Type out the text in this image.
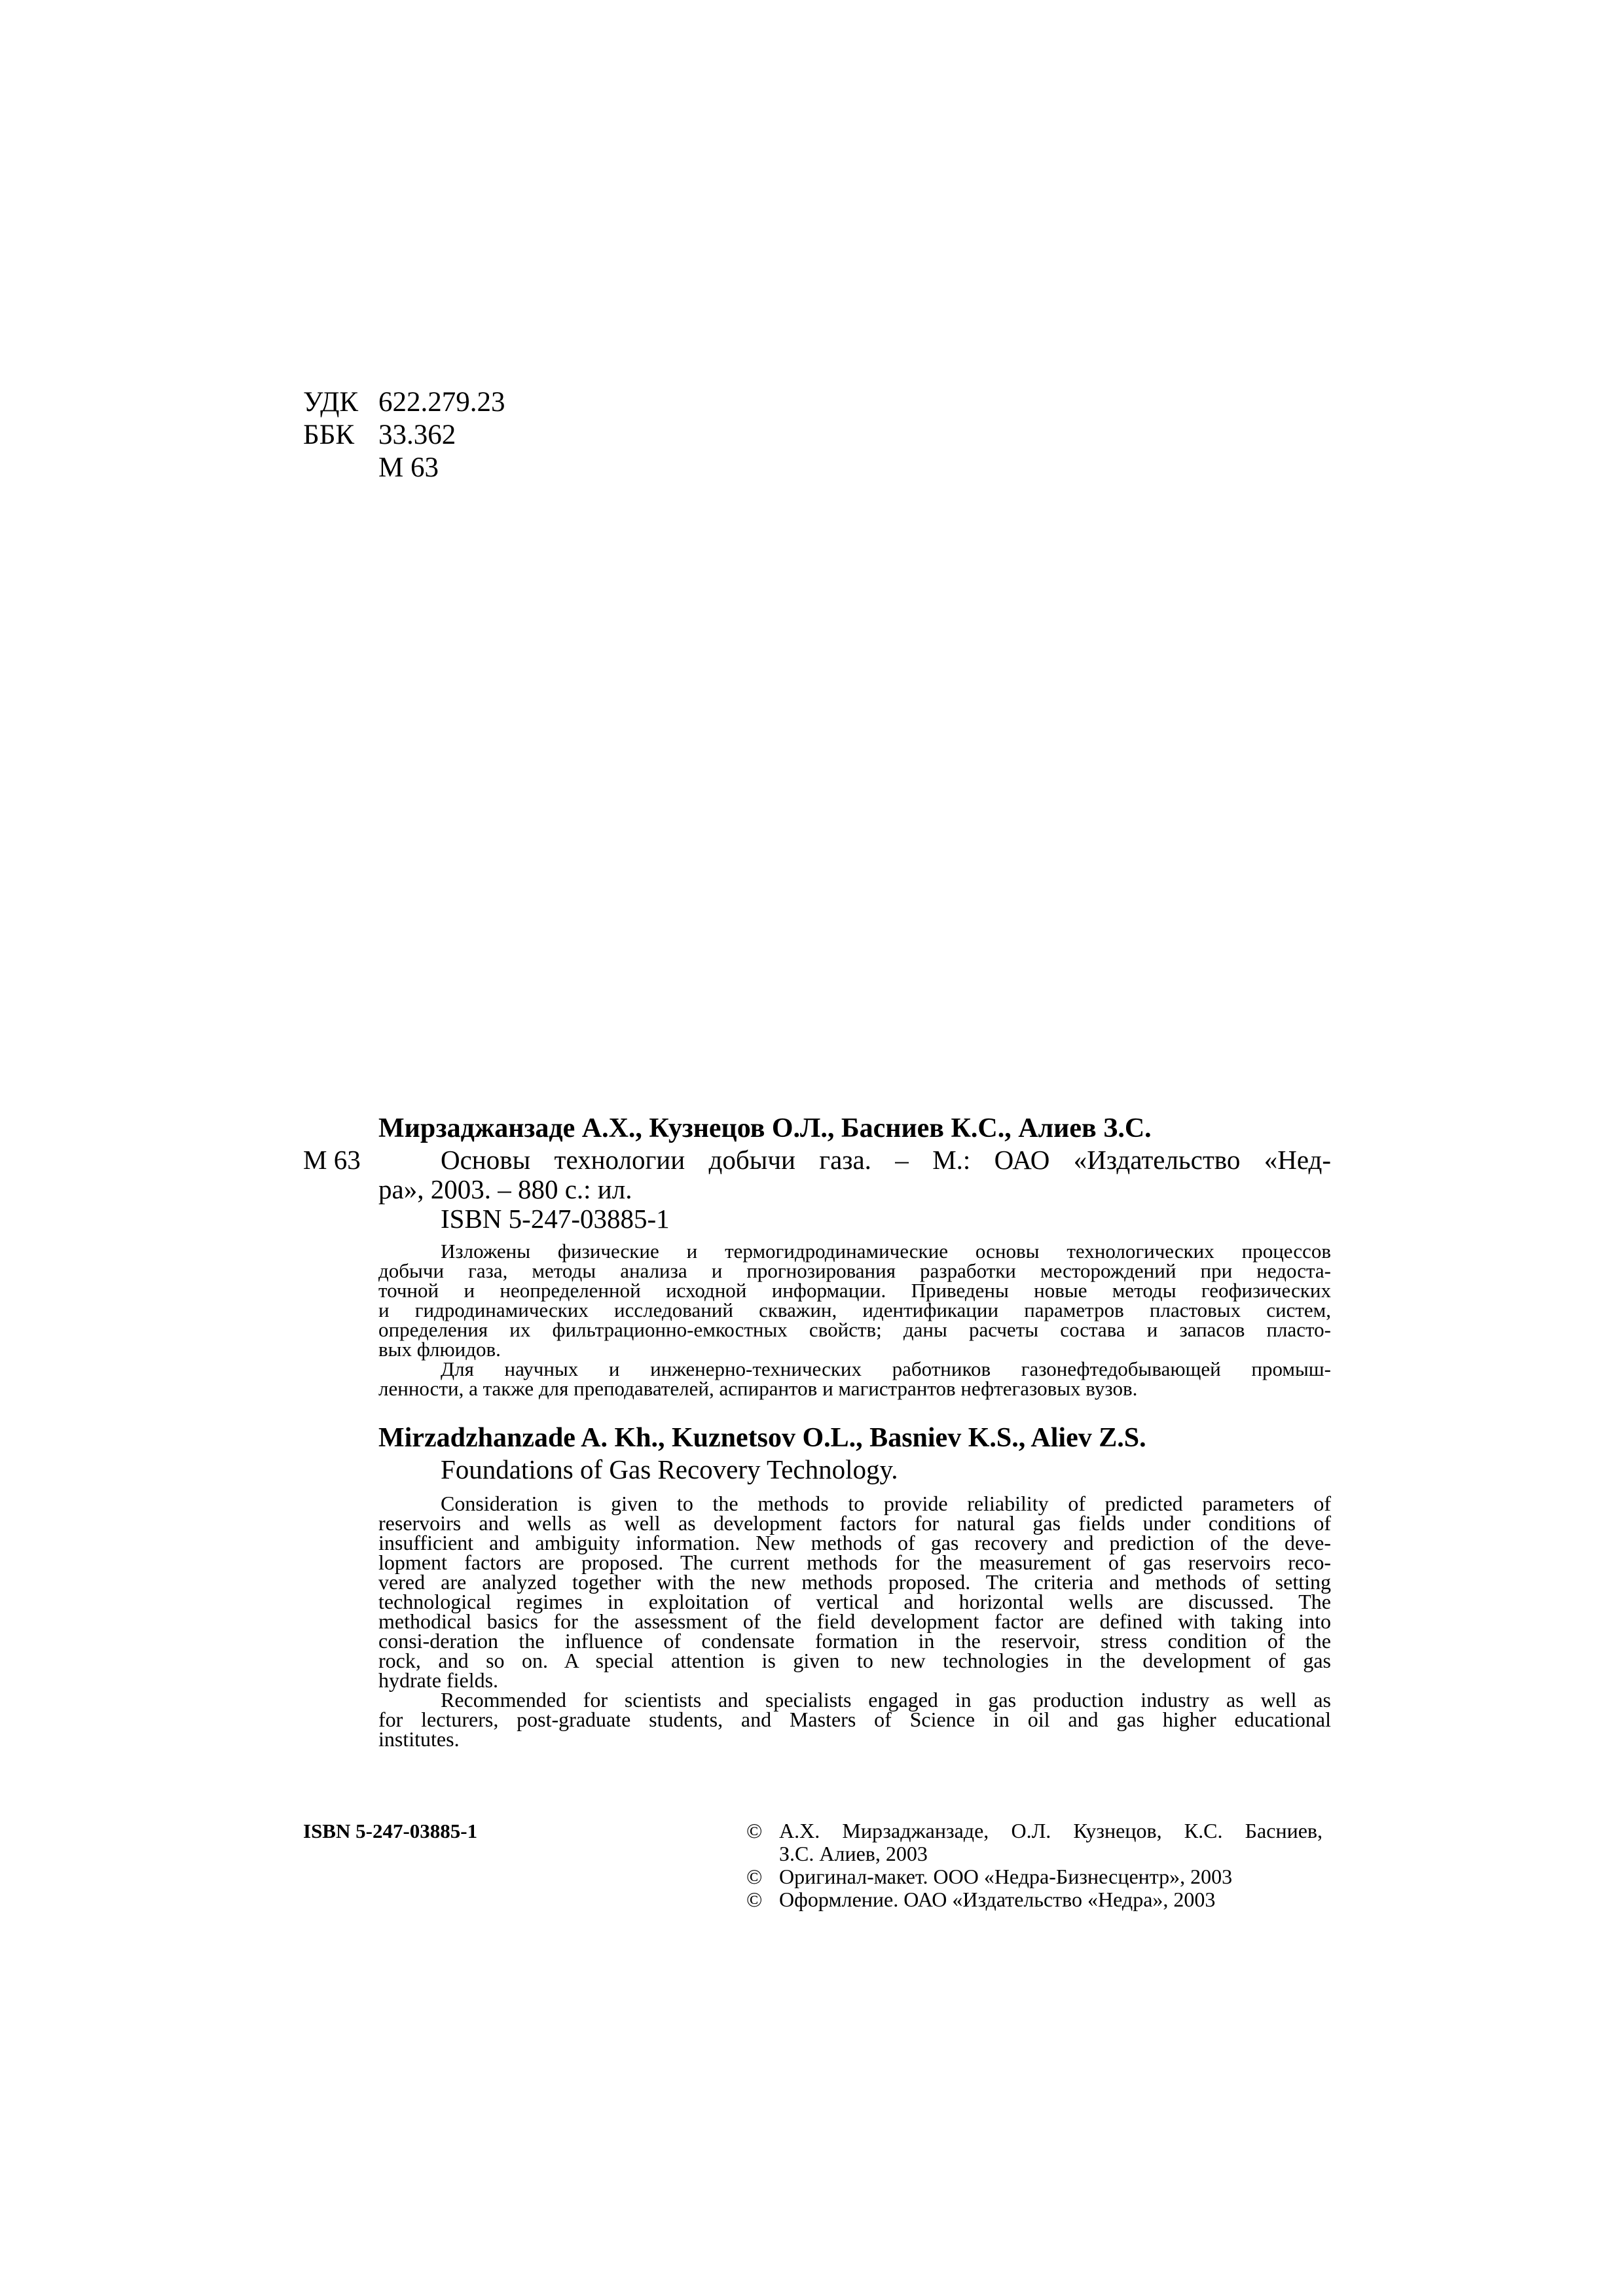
УДК 622.279.23
ББК 33.362
М 63
Мирзаджанзаде А.Х., Кузнецов О.Л., Басниев К.С., Алиев З.С.
М 63	Основы технологии добычи газа. – М.: ОАО «Издательство «Нед-
ра», 2003. – 880 с.: ил.
ISBN 5-247-03885-1
Изложены физические и термогидродинамические основы технологических процессов
добычи газа, методы анализа и прогнозирования разработки месторождений при недоста-
точной и неопределенной исходной информации. Приведены новые методы геофизических
и гидродинамических исследований скважин, идентификации параметров пластовых систем,
определения их фильтрационно-емкостных свойств; даны расчеты состава и запасов пласто-
вых флюидов.
Для научных и инженерно-технических работников газонефтедобывающей промыш-
ленности, а также для преподавателей, аспирантов и магистрантов нефтегазовых вузов.
Mirzadzhanzade A. Kh., Kuznetsov O.L., Basniev K.S., Aliev Z.S.
Foundations of Gas Recovery Technology.
Consideration is given to the methods to provide reliability of predicted parameters of
reservoirs and wells as well as development factors for natural gas fields under conditions of
insufficient and ambiguity information. New methods of gas recovery and prediction of the deve-
lopment factors are proposed. The current methods for the measurement of gas reservoirs reco-
vered are analyzed together with the new methods proposed. The criteria and methods of setting
technological regimes in exploitation of vertical and horizontal wells are discussed. The
methodical basics for the assessment of the field development factor are defined with taking into
consi-deration the influence of condensate formation in the reservoir, stress condition of the
rock, and so on. A special attention is given to new technologies in the development of gas
hydrate fields.
Recommended for scientists and specialists engaged in gas production industry as well as
for lecturers, post-graduate students, and Masters of Science in oil and gas higher educational
institutes.
ISBN 5-247-03885-1	© А.Х. Мирзаджанзаде, О.Л. Кузнецов, К.С. Басниев,
З.С. Алиев, 2003
© Оригинал-макет. ООО «Недра-Бизнесцентр», 2003
© Оформление. ОАО «Издательство «Недра», 2003
